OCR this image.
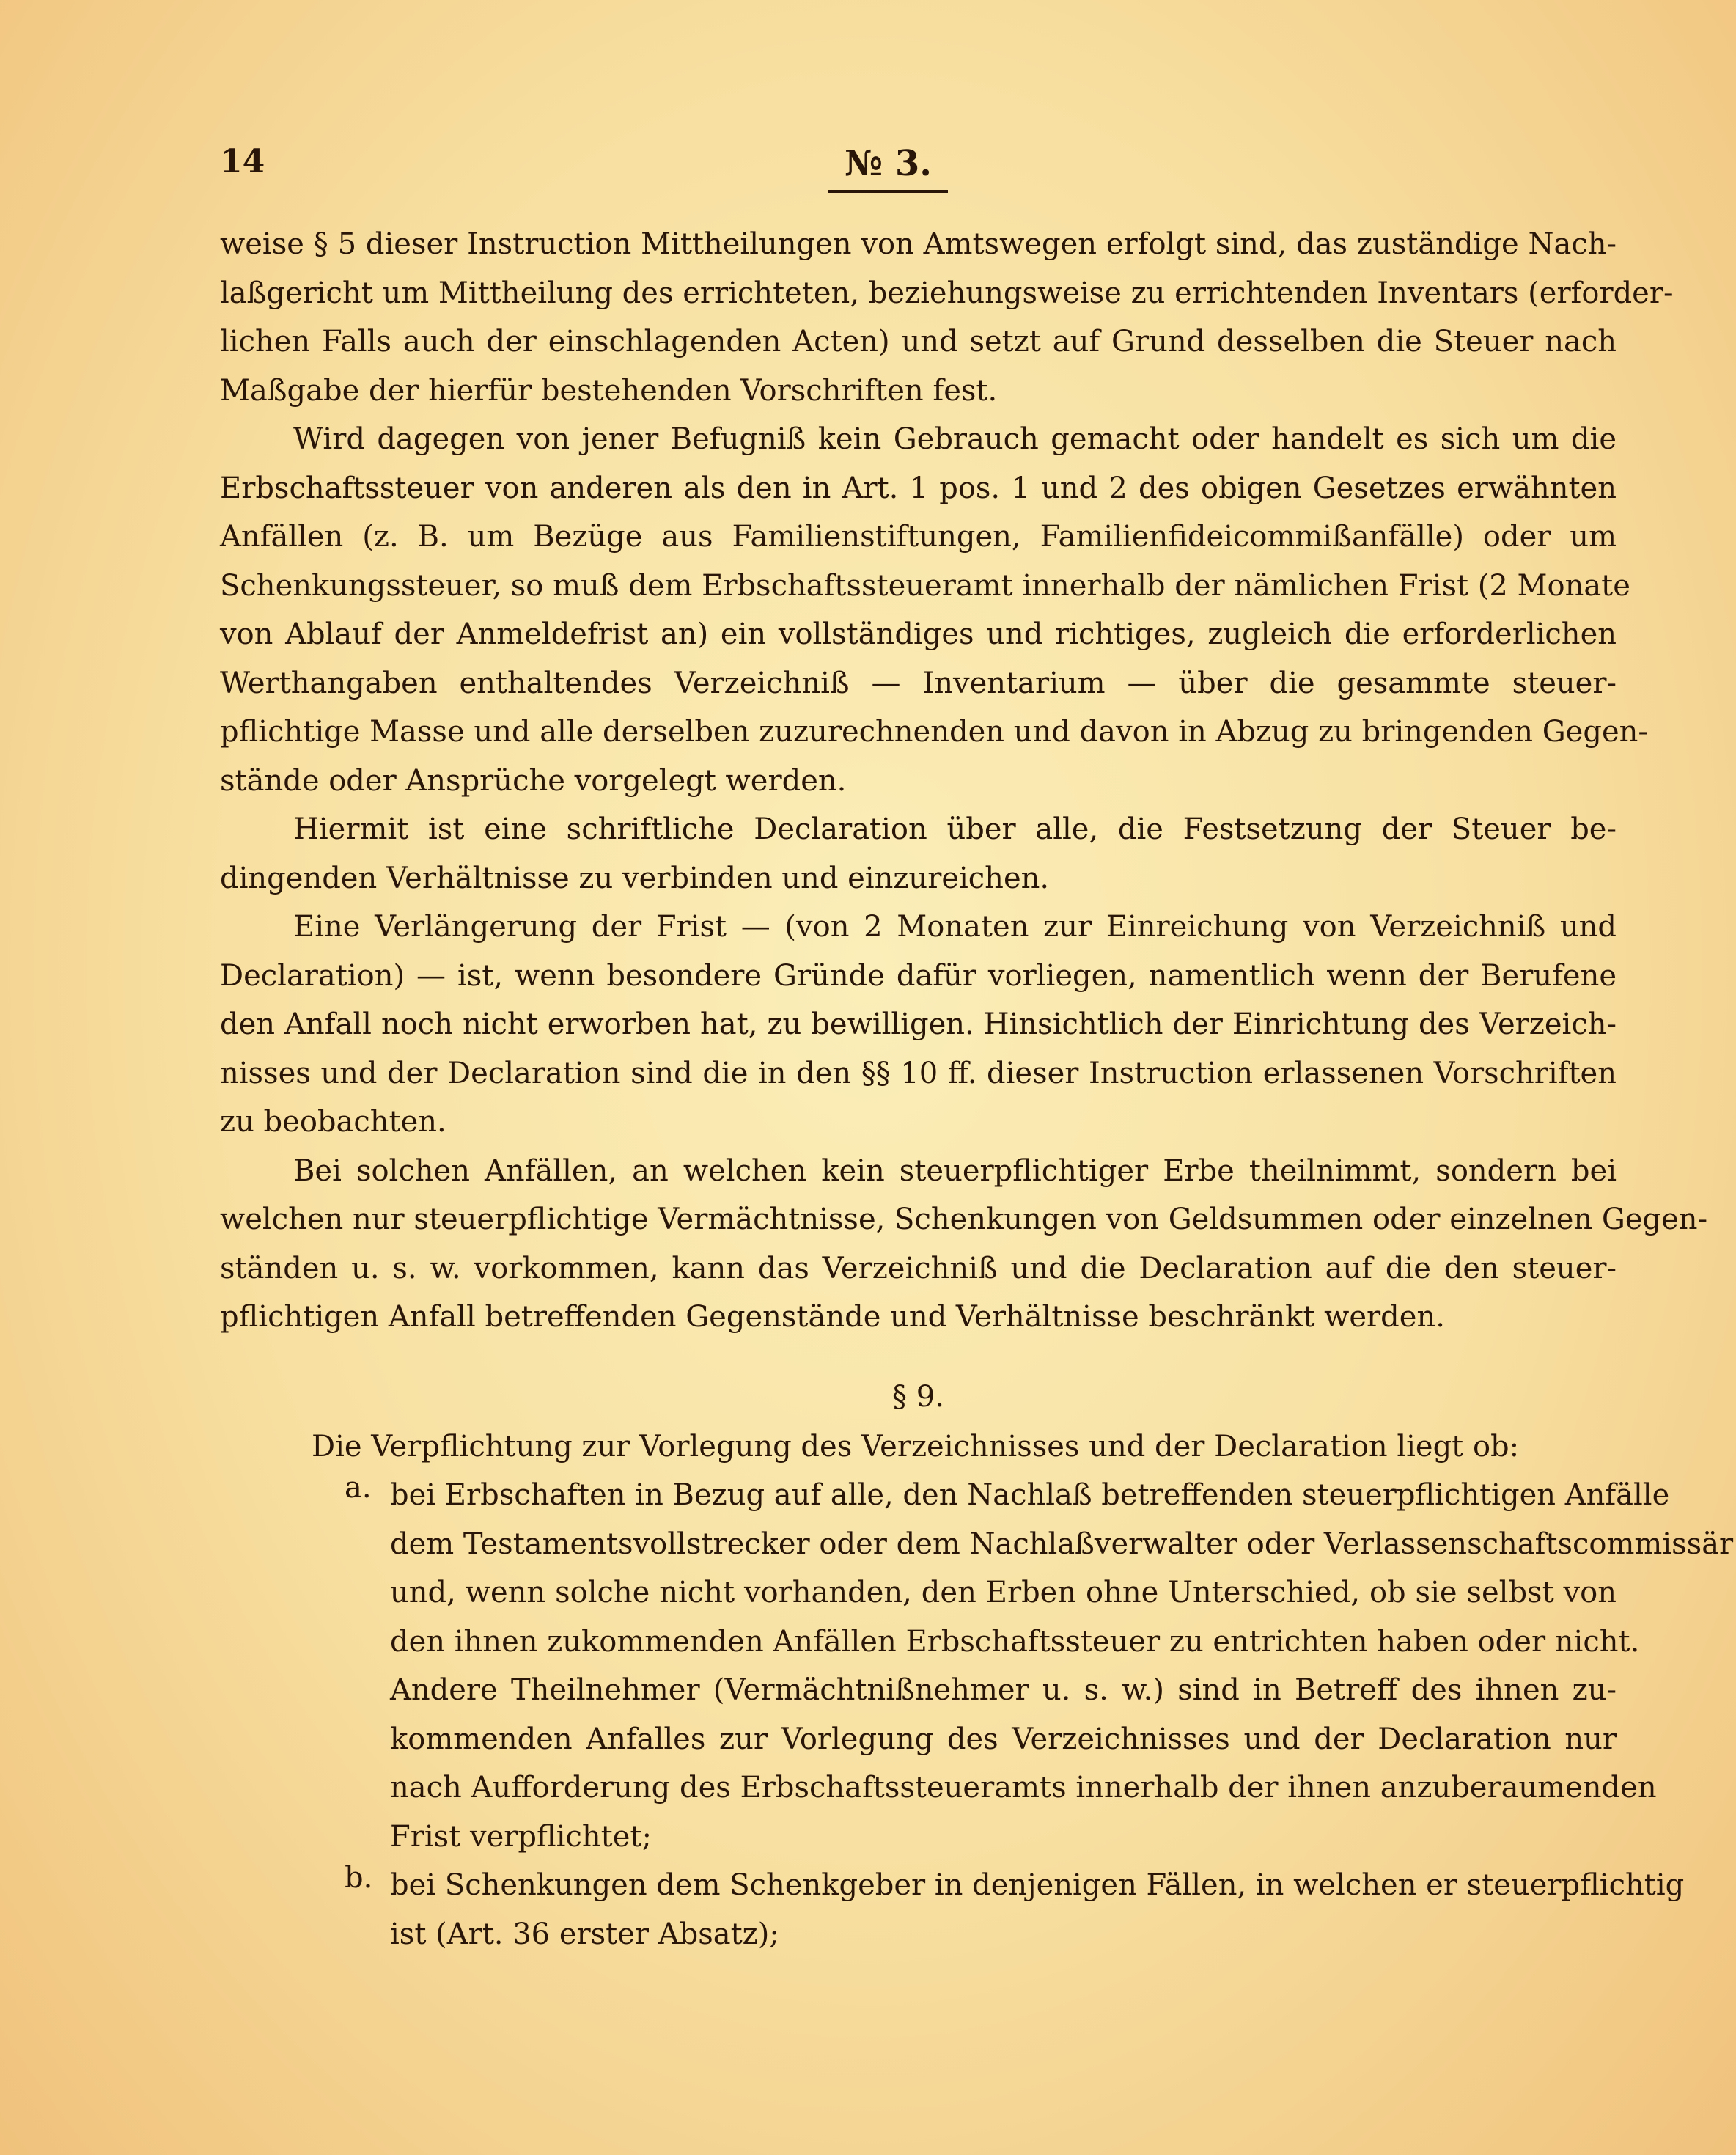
14	№ 3.
weise § 5 dieser Instruction Mittheilungen von Amtswegen erfolgt sind, das zuständige Nach-
laßgericht um Mittheilung des errichteten, beziehungsweise zu errichtenden Inventars (erforder-
lichen Falls auch der einschlagenden Acten) und setzt auf Grund desselben die Steuer nach
Maßgabe der hierfür bestehenden Vorschriften fest.
Wird dagegen von jener Befugniß kein Gebrauch gemacht oder handelt es sich um die
Erbschaftssteuer von anderen als den in Art. 1 pos. 1 und 2 des obigen Gesetzes erwähnten
Anfällen (z. B. um Bezüge aus Familienstiftungen, Familienfideicommißanfälle) oder um
Schenkungssteuer, so muß dem Erbschaftssteueramt innerhalb der nämlichen Frist (2 Monate
von Ablauf der Anmeldefrist an) ein vollständiges und richtiges, zugleich die erforderlichen
Werthangaben enthaltendes Verzeichniß — Inventarium — über die gesammte steuer-
pflichtige Masse und alle derselben zuzurechnenden und davon in Abzug zu bringenden Gegen-
stände oder Ansprüche vorgelegt werden.
Hiermit ist eine schriftliche Declaration über alle, die Festsetzung der Steuer be-
dingenden Verhältnisse zu verbinden und einzureichen.
Eine Verlängerung der Frist — (von 2 Monaten zur Einreichung von Verzeichniß und
Declaration) — ist, wenn besondere Gründe dafür vorliegen, namentlich wenn der Berufene
den Anfall noch nicht erworben hat, zu bewilligen. Hinsichtlich der Einrichtung des Verzeich-
nisses und der Declaration sind die in den §§ 10 ff. dieser Instruction erlassenen Vorschriften
zu beobachten.
Bei solchen Anfällen, an welchen kein steuerpflichtiger Erbe theilnimmt, sondern bei
welchen nur steuerpflichtige Vermächtnisse, Schenkungen von Geldsummen oder einzelnen Gegen-
ständen u. s. w. vorkommen, kann das Verzeichniß und die Declaration auf die den steuer-
pflichtigen Anfall betreffenden Gegenstände und Verhältnisse beschränkt werden.
§ 9.
Die Verpflichtung zur Vorlegung des Verzeichnisses und der Declaration liegt ob:
a. bei Erbschaften in Bezug auf alle, den Nachlaß betreffenden steuerpflichtigen Anfälle
dem Testamentsvollstrecker oder dem Nachlaßverwalter oder Verlassenschaftscommissär
und, wenn solche nicht vorhanden, den Erben ohne Unterschied, ob sie selbst von
den ihnen zukommenden Anfällen Erbschaftssteuer zu entrichten haben oder nicht.
Andere Theilnehmer (Vermächtnißnehmer u. s. w.) sind in Betreff des ihnen zu-
kommenden Anfalles zur Vorlegung des Verzeichnisses und der Declaration nur
nach Aufforderung des Erbschaftssteueramts innerhalb der ihnen anzuberaumenden
Frist verpflichtet;
b. bei Schenkungen dem Schenkgeber in denjenigen Fällen, in welchen er steuerpflichtig
ist (Art. 36 erster Absatz);
